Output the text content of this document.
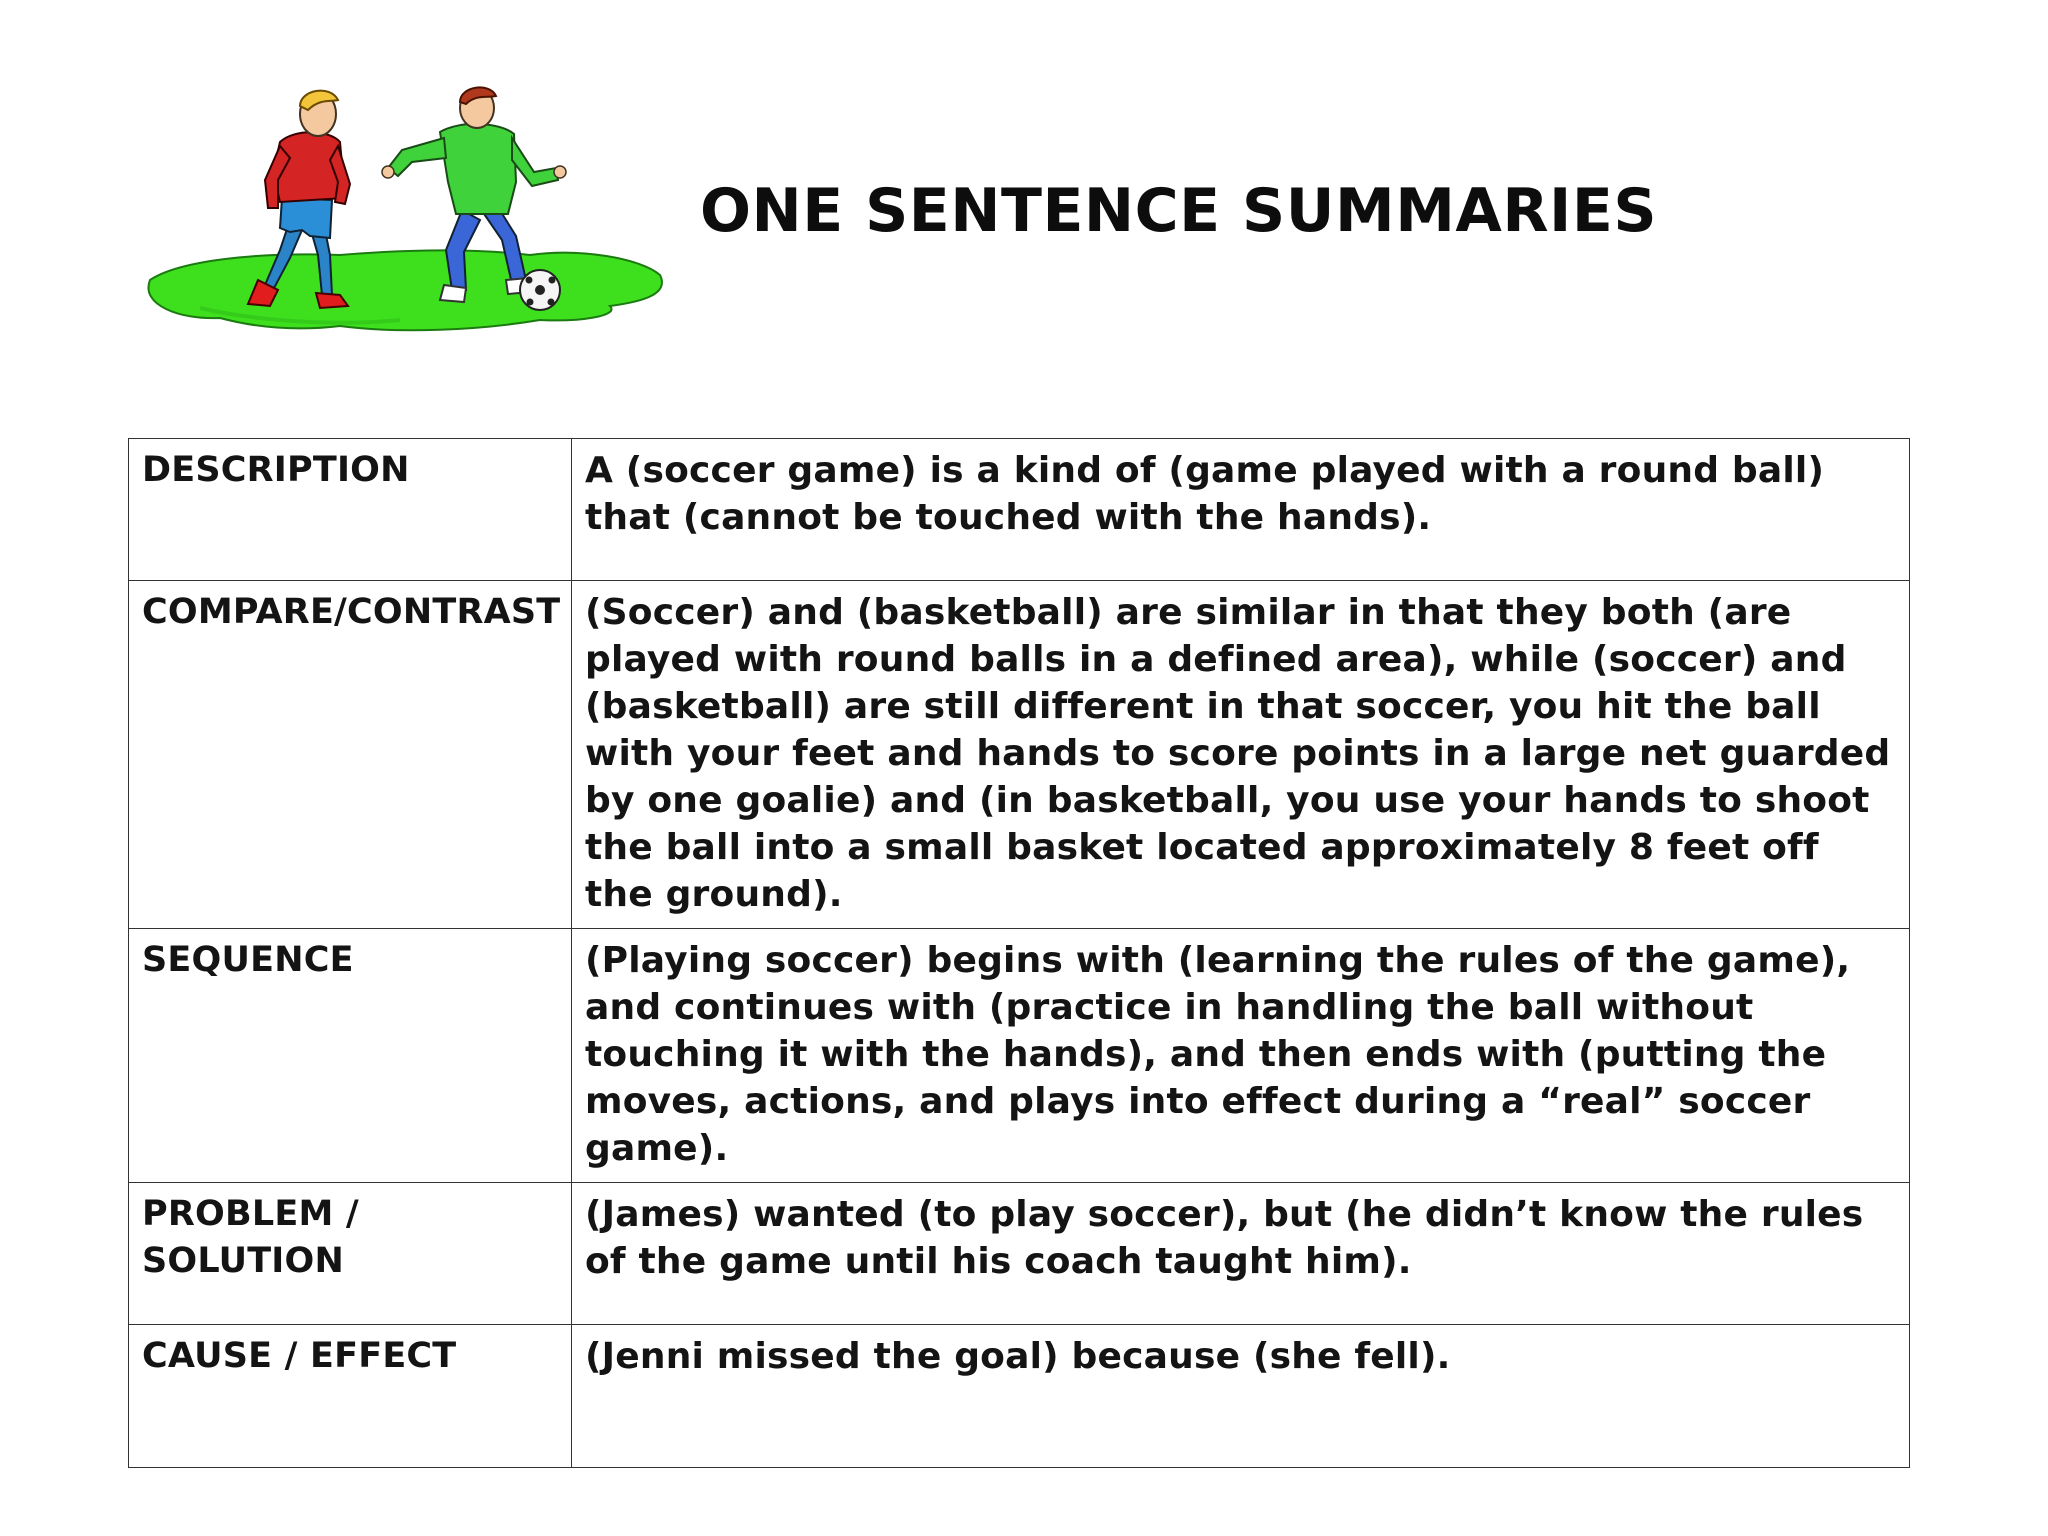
ONE SENTENCE SUMMARIES
DESCRIPTION	A (soccer game) is a kind of (game played with a round ball) that (cannot be touched with the hands).
COMPARE/CONTRAST	(Soccer) and (basketball) are similar in that they both (are played with round balls in a defined area), while (soccer) and (basketball) are still different in that soccer, you hit the ball with your feet and hands to score points in a large net guarded by one goalie) and (in basketball, you use your hands to shoot the ball into a small basket located approximately 8 feet off the ground).
SEQUENCE	(Playing soccer) begins with (learning the rules of the game), and continues with (practice in handling the ball without touching it with the hands), and then ends with (putting the moves, actions, and plays into effect during a “real” soccer game).
PROBLEM / SOLUTION	(James) wanted (to play soccer), but (he didn’t know the rules of the game until his coach taught him).
CAUSE / EFFECT	(Jenni missed the goal) because (she fell).
